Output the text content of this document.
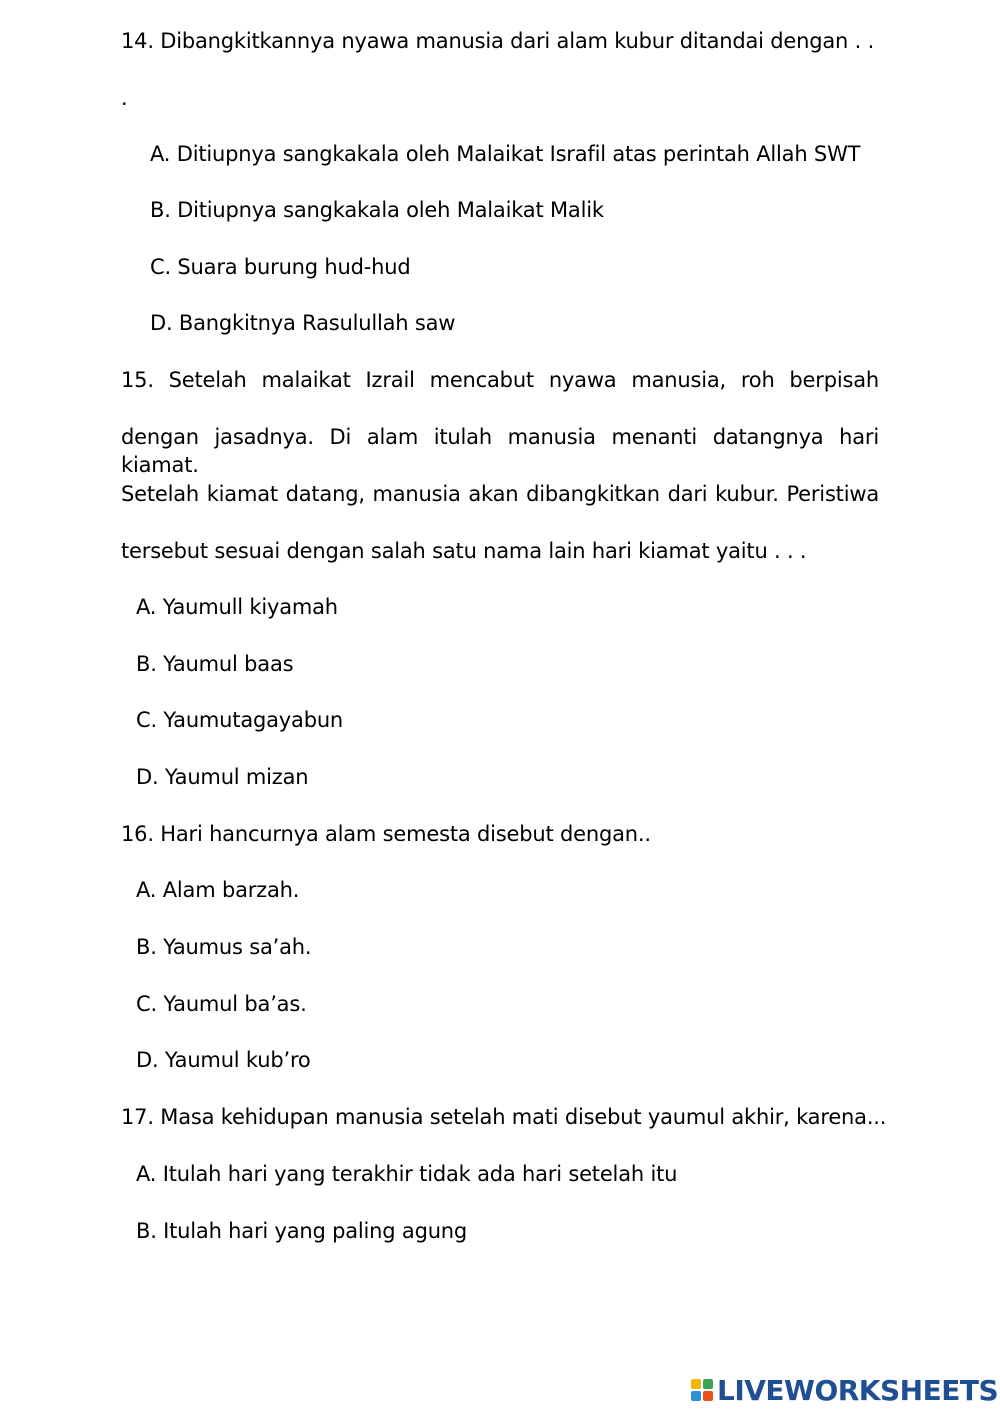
14. Dibangkitkannya nyawa manusia dari alam kubur ditandai dengan . .
.
A. Ditiupnya sangkakala oleh Malaikat Israfil atas perintah Allah SWT
B. Ditiupnya sangkakala oleh Malaikat Malik
C. Suara burung hud-hud
D. Bangkitnya Rasulullah saw
15. Setelah malaikat Izrail mencabut nyawa manusia, roh berpisah
dengan jasadnya. Di alam itulah manusia menanti datangnya hari kiamat.
Setelah kiamat datang, manusia akan dibangkitkan dari kubur. Peristiwa
tersebut sesuai dengan salah satu nama lain hari kiamat yaitu . . .
A. Yaumull kiyamah
B. Yaumul baas
C. Yaumutagayabun
D. Yaumul mizan
16. Hari hancurnya alam semesta disebut dengan..
A. Alam barzah.
B. Yaumus sa’ah.
C. Yaumul ba’as.
D. Yaumul kub’ro
17. Masa kehidupan manusia setelah mati disebut yaumul akhir, karena...
A. Itulah hari yang terakhir tidak ada hari setelah itu
B. Itulah hari yang paling agung
LIVEWORKSHEETS
